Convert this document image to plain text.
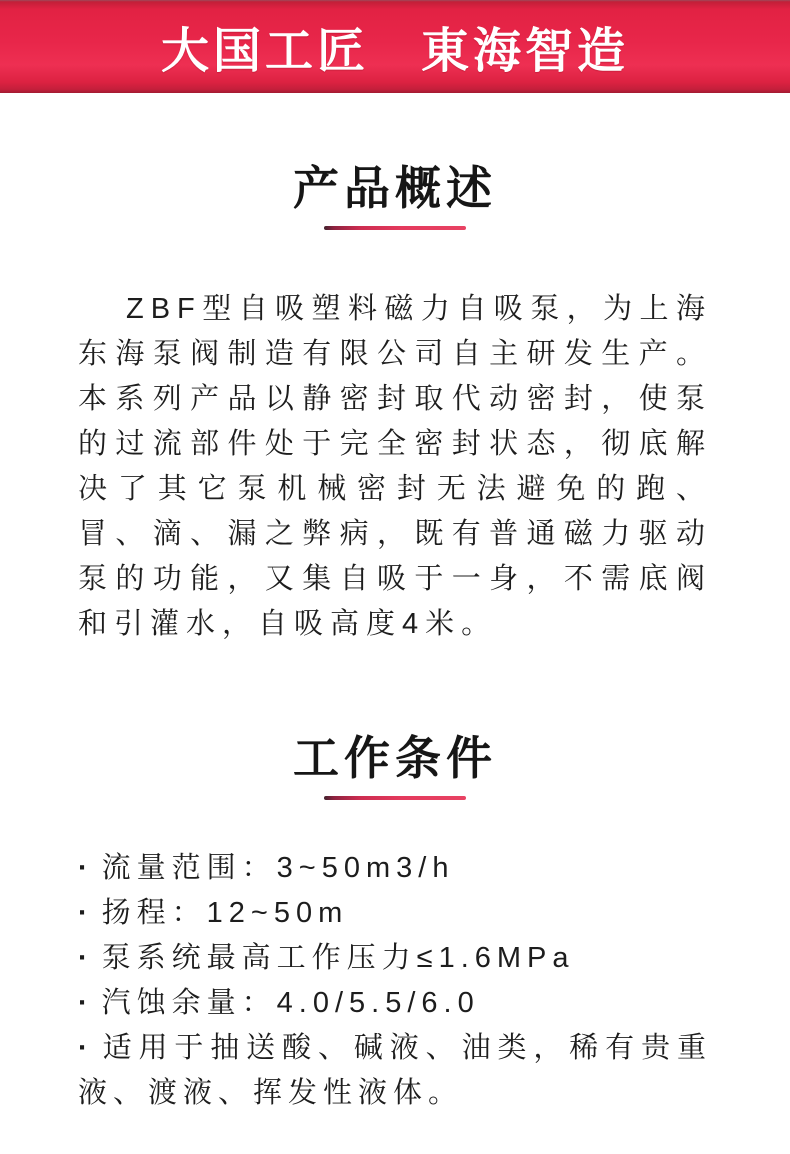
大国工匠　東海智造
产品概述

ZBF型自吸塑料磁力自吸泵，为上海东海泵阀制造有限公司自主研发生产。本系列产品以静密封取代动密封，使泵的过流部件处于完全密封状态，彻底解决了其它泵机械密封无法避免的跑、冒、滴、漏之弊病，既有普通磁力驱动泵的功能，又集自吸于一身，不需底阀和引灌水，自吸高度4米。

工作条件
· 流量范围：3~50m3/h
· 扬程：12~50m
· 泵系统最高工作压力≤1.6MPa
· 汽蚀余量：4.0/5.5/6.0
· 适用于抽送酸、碱液、油类，稀有贵重液、渡液、挥发性液体。
